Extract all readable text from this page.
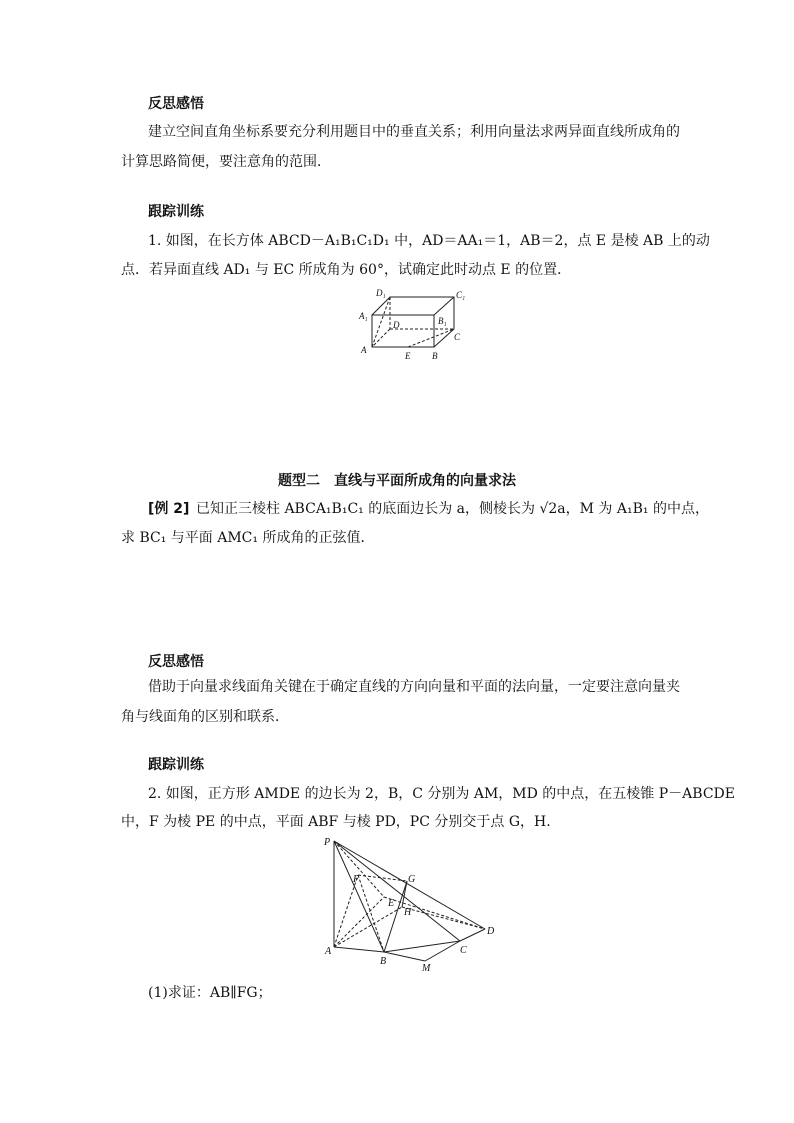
反思感悟
建立空间直角坐标系要充分利用题目中的垂直关系；利用向量法求两异面直线所成角的
计算思路简便，要注意角的范围．
跟踪训练
1. 如图，在长方体 ABCD－A₁B₁C₁D₁ 中，AD＝AA₁＝1，AB＝2，点 E 是棱 AB 上的动
点．若异面直线 AD₁ 与 EC 所成角为 60°，试确定此时动点 E 的位置．
D₁	C₁
A₁
D	B₁
C
A
E B
题型二　直线与平面所成角的向量求法
[例 2] 已知正三棱柱 ABCA₁B₁C₁ 的底面边长为 a，侧棱长为 √2a，M 为 A₁B₁ 的中点，
求 BC₁ 与平面 AMC₁ 所成角的正弦值．
反思感悟
借助于向量求线面角关键在于确定直线的方向向量和平面的法向量，一定要注意向量夹
角与线面角的区别和联系．
跟踪训练
2. 如图，正方形 AMDE 的边长为 2，B，C 分别为 AM，MD 的中点，在五棱锥 P－ABCDE
中，F 为棱 PE 的中点，平面 ABF 与棱 PD，PC 分别交于点 G，H.
P
F	G
E
H
D
A
B
C
M
(1)求证：AB∥FG；
